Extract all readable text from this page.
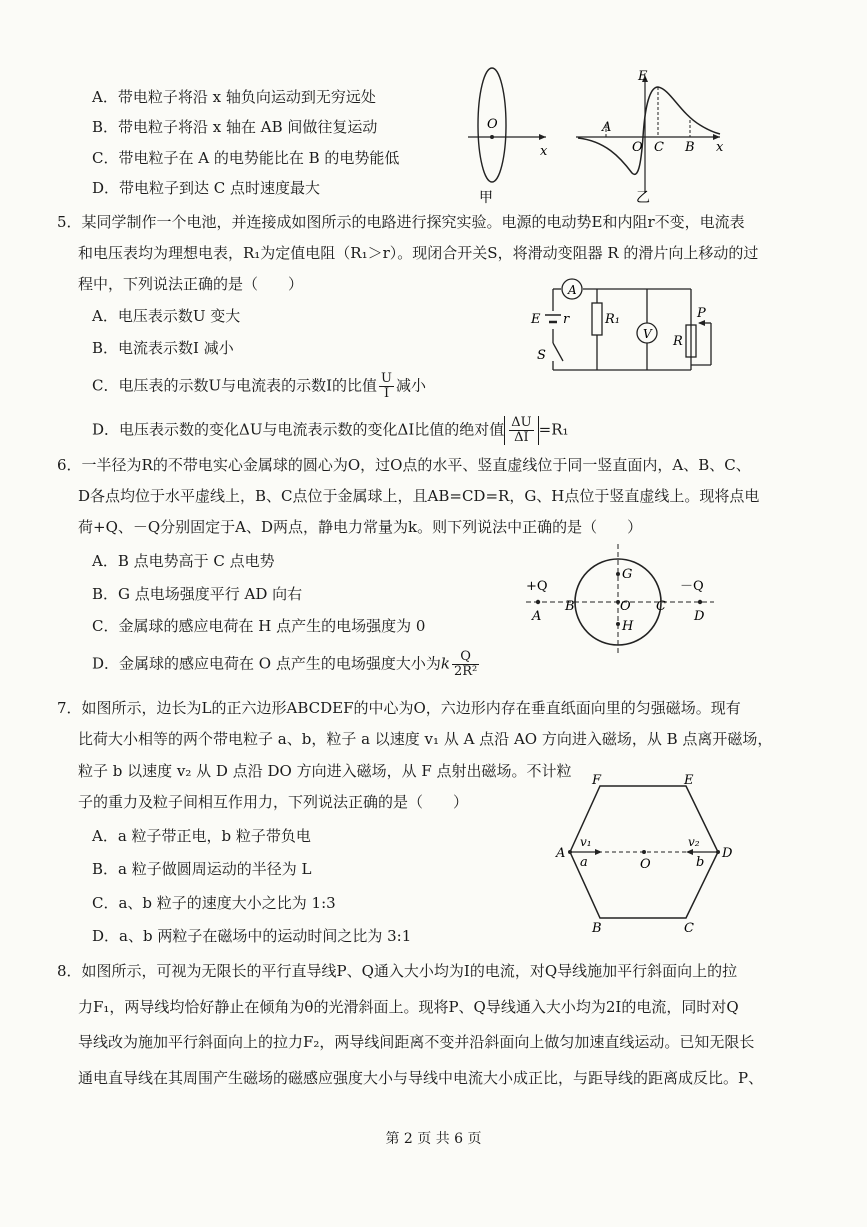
A．带电粒子将沿 x 轴负向运动到无穷远处
B．带电粒子将沿 x 轴在 AB 间做往复运动
C．带电粒子在 A 的电势能比在 B 的电势能低
D．带电粒子到达 C 点时速度最大
O
x
甲
E
A
O C B x
乙
5．某同学制作一个电池，并连接成如图所示的电路进行探究实验。电源的电动势E和内阻r不变，电流表
和电压表均为理想电表，R₁为定值电阻（R₁＞r）。现闭合开关S，将滑动变阻器 R 的滑片向上移动的过
程中，下列说法正确的是（　　）
A．电压表示数U 变大
B．电流表示数I 减小
C．电压表的示数U与电流表的示数I的比值 $\frac{U}{I}$ 减小
D．电压表示数的变化ΔU与电流表示数的变化ΔI比值的绝对值 $\frac{\Delta U}{\Delta I} =R_1$
A
E r	R₁
V R
P
S
6．一半径为R的不带电实心金属球的圆心为O，过O点的水平、竖直虚线位于同一竖直面内，A、B、C、
D各点均位于水平虚线上，B、C点位于金属球上，且AB=CD=R，G、H点位于竖直虚线上。现将点电
荷+Q、－Q分别固定于A、D两点，静电力常量为k。则下列说法中正确的是（　　）
A．B 点电势高于 C 点电势
B．G 点电场强度平行 AD 向右
C．金属球的感应电荷在 H 点产生的电场强度为 0
D．金属球的感应电荷在 O 点产生的电场强度大小为k $\frac{Q}{\text{2R²}}$
+Q	－Q
A
B	O C
D
G
H
7．如图所示，边长为L的正六边形ABCDEF的中心为O，六边形内存在垂直纸面向里的匀强磁场。现有
比荷大小相等的两个带电粒子 a、b，粒子 a 以速度 v₁ 从 A 点沿 AO 方向进入磁场，从 B 点离开磁场，
粒子 b 以速度 v₂ 从 D 点沿 DO 方向进入磁场，从 F 点射出磁场。不计粒
子的重力及粒子间相互作用力，下列说法正确的是（　　）
A．a 粒子带正电，b 粒子带负电
B．a 粒子做圆周运动的半径为 L
C．a、b 粒子的速度大小之比为 1:3
D．a、b 两粒子在磁场中的运动时间之比为 3:1
A	D
F	E
B	C
O
a	b
v₁	v₂
8．如图所示，可视为无限长的平行直导线P、Q通入大小均为I的电流，对Q导线施加平行斜面向上的拉
力F₁，两导线均恰好静止在倾角为θ的光滑斜面上。现将P、Q导线通入大小均为2I的电流，同时对Q
导线改为施加平行斜面向上的拉力F₂，两导线间距离不变并沿斜面向上做匀加速直线运动。已知无限长
通电直导线在其周围产生磁场的磁感应强度大小与导线中电流大小成正比，与距导线的距离成反比。P、
第 2 页 共 6 页
